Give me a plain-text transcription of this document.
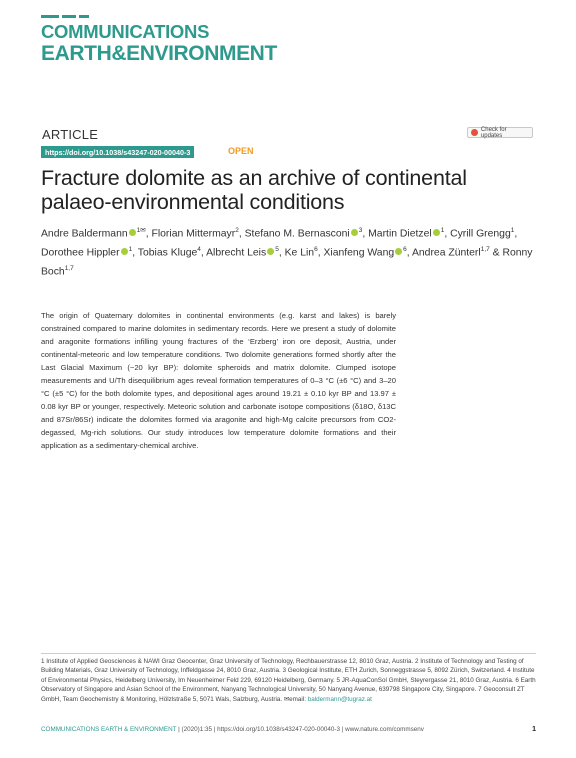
COMMUNICATIONS
EARTH&ENVIRONMENT
ARTICLE	Check for updates
https://doi.org/10.1038/s43247-020-00040-3	OPEN
Fracture dolomite as an archive of continental palaeo-environmental conditions
Andre Baldermann $^{1✉}$, Florian Mittermayr$^2$, Stefano M. Bernasconi $^3$, Martin Dietzel $^1$, Cyrill Grengg$^1$, Dorothee Hippler $^1$, Tobias Kluge$^4$, Albrecht Leis $^5$, Ke Lin$^6$, Xianfeng Wang $^6$, Andrea Zünterl$^{1,7}$ & Ronny Boch$^{1,7}$
The origin of Quaternary dolomites in continental environments (e.g. karst and lakes) is barely constrained compared to marine dolomites in sedimentary records. Here we present a study of dolomite and aragonite formations infilling young fractures of the ‘Erzberg’ iron ore deposit, Austria, under continental-meteoric and low temperature conditions. Two dolomite generations formed shortly after the Last Glacial Maximum (~20 kyr BP): dolomite spheroids and matrix dolomite. Clumped isotope measurements and U/Th disequilibrium ages reveal formation temperatures of 0–3 °C (±6 °C) and 3–20 °C (±5 °C) for the both dolomite types, and depositional ages around 19.21 ± 0.10 kyr BP and 13.97 ± 0.08 kyr BP or younger, respectively. Meteoric solution and carbonate isotope compositions (δ18O, δ13C and 87Sr/86Sr) indicate the dolomites formed via aragonite and high-Mg calcite precursors from CO2-degassed, Mg-rich solutions. Our study introduces low temperature dolomite formations and their application as a sedimentary-chemical archive.
1 Institute of Applied Geosciences & NAWI Graz Geocenter, Graz University of Technology, Rechbauerstrasse 12, 8010 Graz, Austria. 2 Institute of Technology and Testing of Building Materials, Graz University of Technology, Inffeldgasse 24, 8010 Graz, Austria. 3 Geological Institute, ETH Zurich, Sonneggstrasse 5, 8092 Zürich, Switzerland. 4 Institute of Environmental Physics, Heidelberg University, Im Neuenheimer Feld 229, 69120 Heidelberg, Germany. 5 JR-AquaConSol GmbH, Steyrergasse 21, 8010 Graz, Austria. 6 Earth Observatory of Singapore and Asian School of the Environment, Nanyang Technological University, 50 Nanyang Avenue, 639798 Singapore City, Singapore. 7 Geoconsult ZT GmbH, Team Geochemistry & Monitoring, Hölzlstraße 5, 5071 Wals, Salzburg, Austria. ✉email: baldermann@tugraz.at
COMMUNICATIONS EARTH & ENVIRONMENT | (2020)1:35 | https://doi.org/10.1038/s43247-020-00040-3 | www.nature.com/commsenv	1
